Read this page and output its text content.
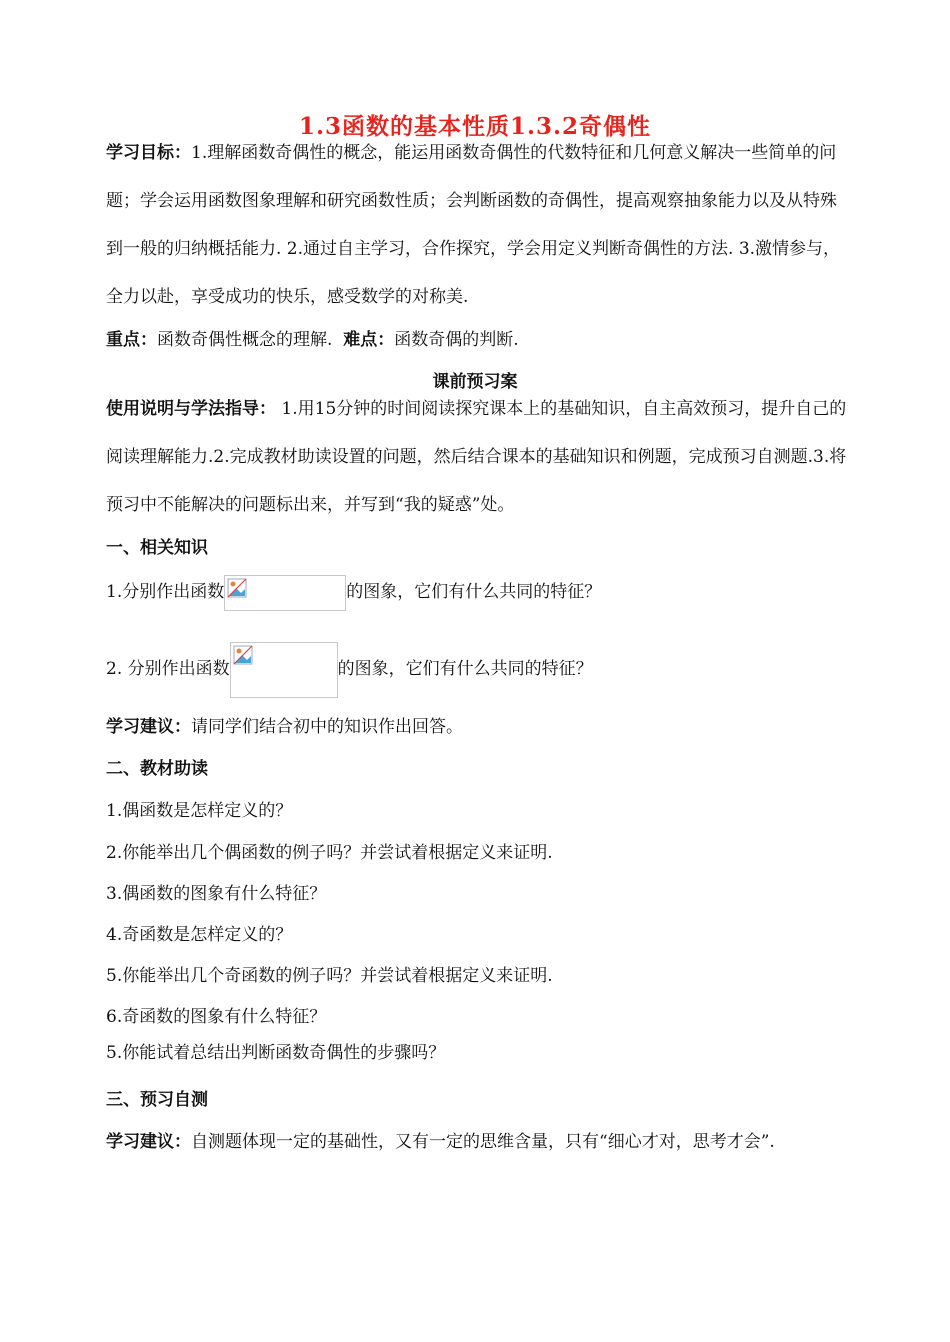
1.3函数的基本性质1.3.2奇偶性
学习目标：1.理解函数奇偶性的概念，能运用函数奇偶性的代数特征和几何意义解决一些简单的问题；学会运用函数图象理解和研究函数性质；会判断函数的奇偶性，提高观察抽象能力以及从特殊到一般的归纳概括能力. 2.通过自主学习，合作探究，学会用定义判断奇偶性的方法. 3.激情参与，全力以赴，享受成功的快乐，感受数学的对称美.
重点：函数奇偶性概念的理解. 难点：函数奇偶的判断.
课前预习案
使用说明与学法指导： 1.用15分钟的时间阅读探究课本上的基础知识，自主高效预习，提升自己的阅读理解能力.2.完成教材助读设置的问题，然后结合课本的基础知识和例题，完成预习自测题.3.将预习中不能解决的问题标出来，并写到“我的疑惑”处。
一、相关知识
1.分别作出函数	的图象，它们有什么共同的特征？
2. 分别作出函数	的图象，它们有什么共同的特征？
学习建议：请同学们结合初中的知识作出回答。
二、教材助读
1.偶函数是怎样定义的？
2.你能举出几个偶函数的例子吗？并尝试着根据定义来证明.
3.偶函数的图象有什么特征？
4.奇函数是怎样定义的？
5.你能举出几个奇函数的例子吗？并尝试着根据定义来证明.
6.奇函数的图象有什么特征？
5.你能试着总结出判断函数奇偶性的步骤吗？
三、预习自测
学习建议：自测题体现一定的基础性，又有一定的思维含量，只有“细心才对，思考才会”.
